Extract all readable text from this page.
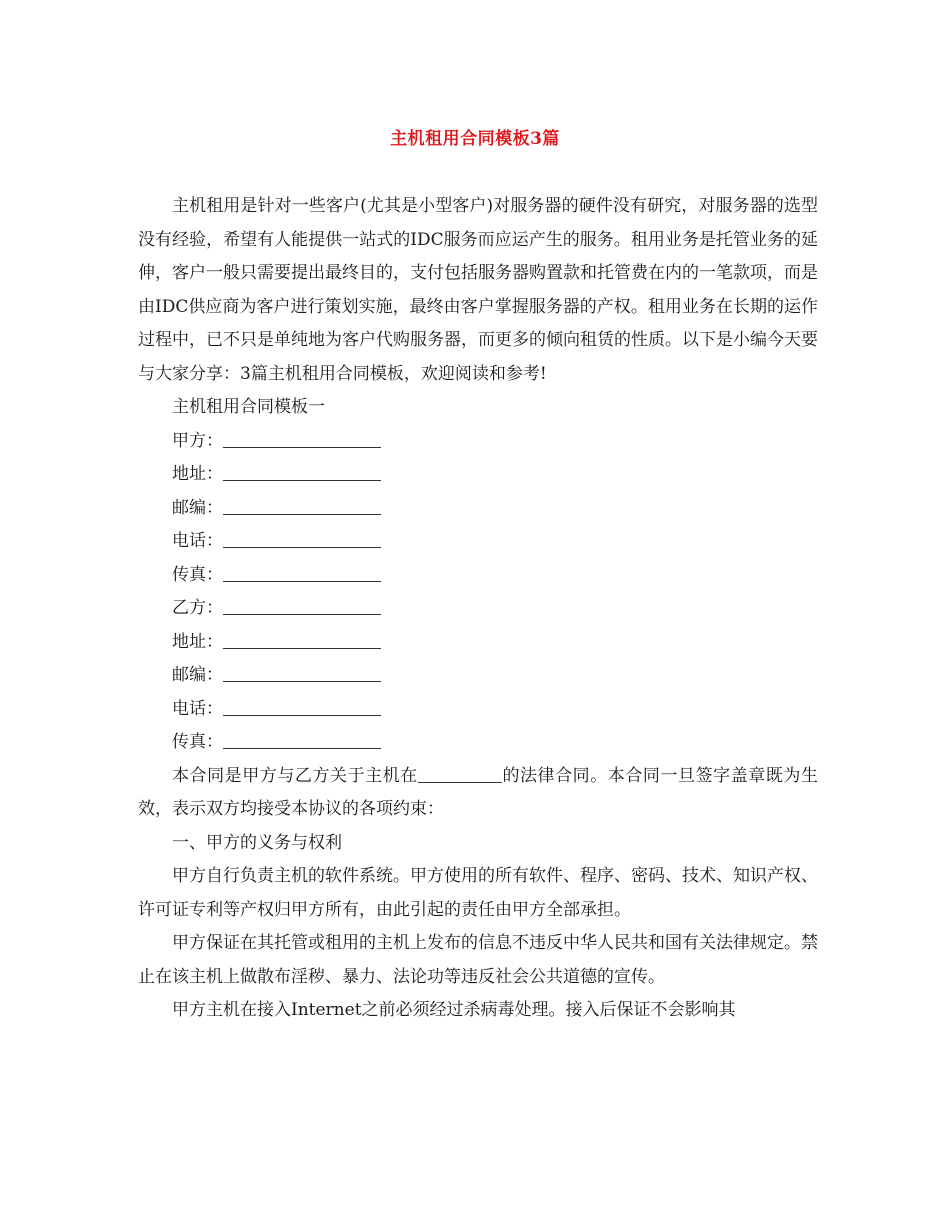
主机租用合同模板3篇

主机租用是针对一些客户(尤其是小型客户)对服务器的硬件没有研究，对服务器的选型没有经验，希望有人能提供一站式的IDC服务而应运产生的服务。租用业务是托管业务的延伸，客户一般只需要提出最终目的，支付包括服务器购置款和托管费在内的一笔款项，而是由IDC供应商为客户进行策划实施，最终由客户掌握服务器的产权。租用业务在长期的运作过程中，已不只是单纯地为客户代购服务器，而更多的倾向租赁的性质。以下是小编今天要与大家分享：3篇主机租用合同模板，欢迎阅读和参考!

主机租用合同模板一

甲方：

地址：

邮编：

电话：

传真：

乙方：

地址：

邮编：

电话：

传真：

本合同是甲方与乙方关于主机在	的法律合同。本合同一旦签字盖章既为生效，表示双方均接受本协议的各项约束：

一、甲方的义务与权利

甲方自行负责主机的软件系统。甲方使用的所有软件、程序、密码、技术、知识产权、许可证专利等产权归甲方所有，由此引起的责任由甲方全部承担。

甲方保证在其托管或租用的主机上发布的信息不违反中华人民共和国有关法律规定。禁止在该主机上做散布淫秽、暴力、法论功等违反社会公共道德的宣传。

甲方主机在接入Internet之前必须经过杀病毒处理。接入后保证不会影响其
